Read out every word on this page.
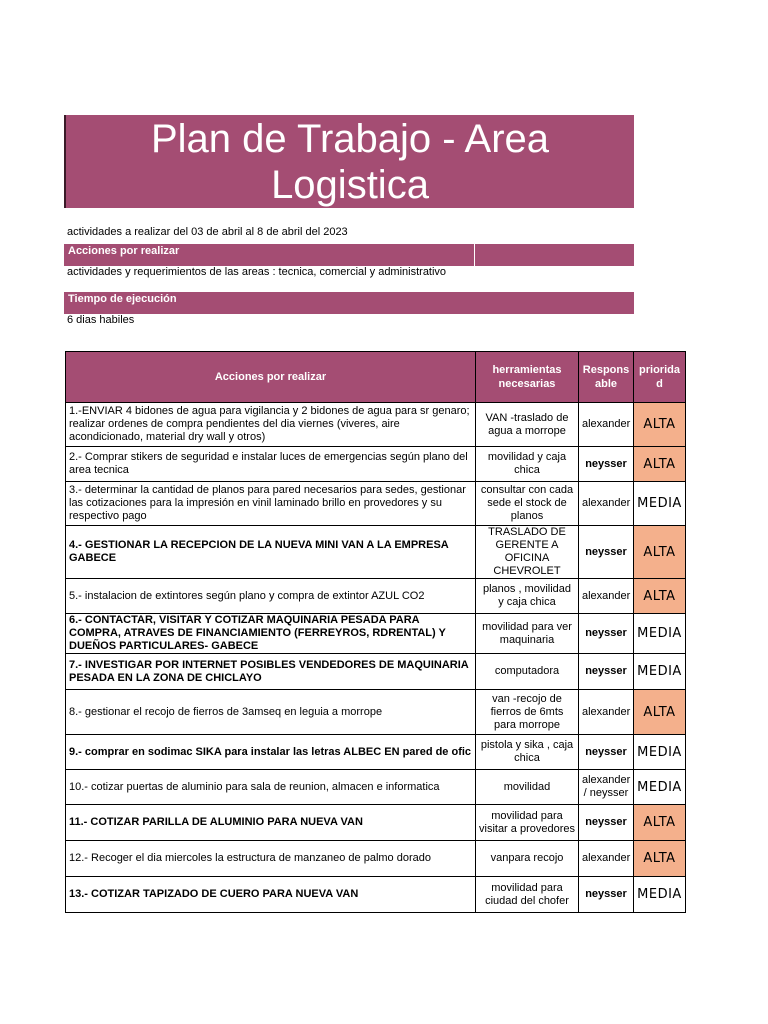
Plan de Trabajo - Area Logistica
actividades a realizar del 03 de abril al 8 de abril del 2023
Acciones por realizar
actividades y requerimientos de las areas : tecnica, comercial y administrativo
Tiempo de ejecución
6 dias habiles
Acciones por realizar	herramientas necesarias	Respons able	priorida d
1.-ENVIAR 4 bidones de agua para vigilancia y 2 bidones de agua para sr genaro; realizar ordenes de compra pendientes del dia viernes (viveres, aire acondicionado, material dry wall y otros)	VAN -traslado de agua a morrope	alexander	ALTA
2.- Comprar stikers de seguridad e instalar luces de emergencias según plano del area tecnica	movilidad y caja chica	neysser	ALTA
3.- determinar la cantidad de planos para pared necesarios para sedes, gestionar las cotizaciones para la impresión en vinil laminado brillo en provedores y su respectivo pago	consultar con cada sede el stock de planos	alexander	MEDIA
4.- GESTIONAR LA RECEPCION DE LA NUEVA MINI VAN A LA EMPRESA GABECE	TRASLADO DE GERENTE A OFICINA CHEVROLET	neysser	ALTA
5.- instalacion de extintores según plano y compra de extintor AZUL CO2	planos , movilidad y caja chica	alexander	ALTA
6.- CONTACTAR, VISITAR Y COTIZAR MAQUINARIA PESADA PARA COMPRA, ATRAVES DE FINANCIAMIENTO (FERREYROS, RDRENTAL) Y DUEÑOS PARTICULARES- GABECE	movilidad para ver maquinaria	neysser	MEDIA
7.- INVESTIGAR POR INTERNET POSIBLES VENDEDORES DE MAQUINARIA PESADA EN LA ZONA DE CHICLAYO	computadora	neysser	MEDIA
8.- gestionar el recojo de fierros de 3amseq en leguia a morrope	van -recojo de fierros de 6mts para morrope	alexander	ALTA
9.- comprar en sodimac SIKA para instalar las letras ALBEC EN pared de ofic	pistola y sika , caja chica	neysser	MEDIA
10.- cotizar puertas de aluminio para sala de reunion, almacen e informatica	movilidad	alexander / neysser	MEDIA
11.- COTIZAR PARILLA DE ALUMINIO PARA NUEVA VAN	movilidad para visitar a provedores	neysser	ALTA
12.- Recoger el dia miercoles la estructura de manzaneo de palmo dorado	vanpara recojo	alexander	ALTA
13.- COTIZAR TAPIZADO DE CUERO PARA NUEVA VAN	movilidad para ciudad del chofer	neysser	MEDIA
